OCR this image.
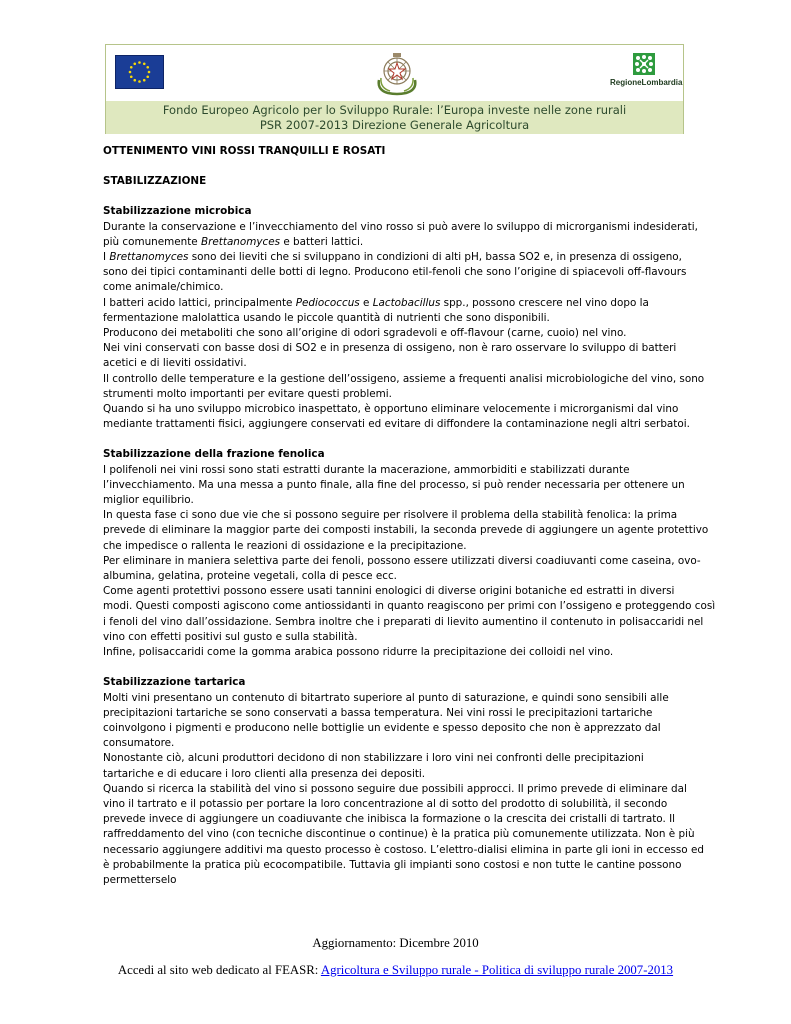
RegioneLombardia
Fondo Europeo Agricolo per lo Sviluppo Rurale: l’Europa investe nelle zone rurali
PSR 2007-2013 Direzione Generale Agricoltura
OTTENIMENTO VINI ROSSI TRANQUILLI E ROSATI
STABILIZZAZIONE
Stabilizzazione microbica
Durante la conservazione e l’invecchiamento del vino rosso si può avere lo sviluppo di microrganismi indesiderati,
più comunemente Brettanomyces e batteri lattici.
I Brettanomyces sono dei lieviti che si sviluppano in condizioni di alti pH, bassa SO2 e, in presenza di ossigeno,
sono dei tipici contaminanti delle botti di legno. Producono etil-fenoli che sono l’origine di spiacevoli off-flavours
come animale/chimico.
I batteri acido lattici, principalmente Pediococcus e Lactobacillus spp., possono crescere nel vino dopo la
fermentazione malolattica usando le piccole quantità di nutrienti che sono disponibili.
Producono dei metaboliti che sono all’origine di odori sgradevoli e off-flavour (carne, cuoio) nel vino.
Nei vini conservati con basse dosi di SO2 e in presenza di ossigeno, non è raro osservare lo sviluppo di batteri
acetici e di lieviti ossidativi.
Il controllo delle temperature e la gestione dell’ossigeno, assieme a frequenti analisi microbiologiche del vino, sono
strumenti molto importanti per evitare questi problemi.
Quando si ha uno sviluppo microbico inaspettato, è opportuno eliminare velocemente i microrganismi dal vino
mediante trattamenti fisici, aggiungere conservati ed evitare di diffondere la contaminazione negli altri serbatoi.
Stabilizzazione della frazione fenolica
I polifenoli nei vini rossi sono stati estratti durante la macerazione, ammorbiditi e stabilizzati durante
l’invecchiamento. Ma una messa a punto finale, alla fine del processo, si può render necessaria per ottenere un
miglior equilibrio.
In questa fase ci sono due vie che si possono seguire per risolvere il problema della stabilità fenolica: la prima
prevede di eliminare la maggior parte dei composti instabili, la seconda prevede di aggiungere un agente protettivo
che impedisce o rallenta le reazioni di ossidazione e la precipitazione.
Per eliminare in maniera selettiva parte dei fenoli, possono essere utilizzati diversi coadiuvanti come caseina, ovo-
albumina, gelatina, proteine vegetali, colla di pesce ecc.
Come agenti protettivi possono essere usati tannini enologici di diverse origini botaniche ed estratti in diversi
modi. Questi composti agiscono come antiossidanti in quanto reagiscono per primi con l’ossigeno e proteggendo così
i fenoli del vino dall’ossidazione. Sembra inoltre che i preparati di lievito aumentino il contenuto in polisaccaridi nel
vino con effetti positivi sul gusto e sulla stabilità.
Infine, polisaccaridi come la gomma arabica possono ridurre la precipitazione dei colloidi nel vino.
Stabilizzazione tartarica
Molti vini presentano un contenuto di bitartrato superiore al punto di saturazione, e quindi sono sensibili alle
precipitazioni tartariche se sono conservati a bassa temperatura. Nei vini rossi le precipitazioni tartariche
coinvolgono i pigmenti e producono nelle bottiglie un evidente e spesso deposito che non è apprezzato dal
consumatore.
Nonostante ciò, alcuni produttori decidono di non stabilizzare i loro vini nei confronti delle precipitazioni
tartariche e di educare i loro clienti alla presenza dei depositi.
Quando si ricerca la stabilità del vino si possono seguire due possibili approcci. Il primo prevede di eliminare dal
vino il tartrato e il potassio per portare la loro concentrazione al di sotto del prodotto di solubilità, il secondo
prevede invece di aggiungere un coadiuvante che inibisca la formazione o la crescita dei cristalli di tartrato. Il
raffreddamento del vino (con tecniche discontinue o continue) è la pratica più comunemente utilizzata. Non è più
necessario aggiungere additivi ma questo processo è costoso. L’elettro-dialisi elimina in parte gli ioni in eccesso ed
è probabilmente la pratica più ecocompatibile. Tuttavia gli impianti sono costosi e non tutte le cantine possono
permetterselo
Aggiornamento: Dicembre 2010
Accedi al sito web dedicato al FEASR: Agricoltura e Sviluppo rurale - Politica di sviluppo rurale 2007-2013
